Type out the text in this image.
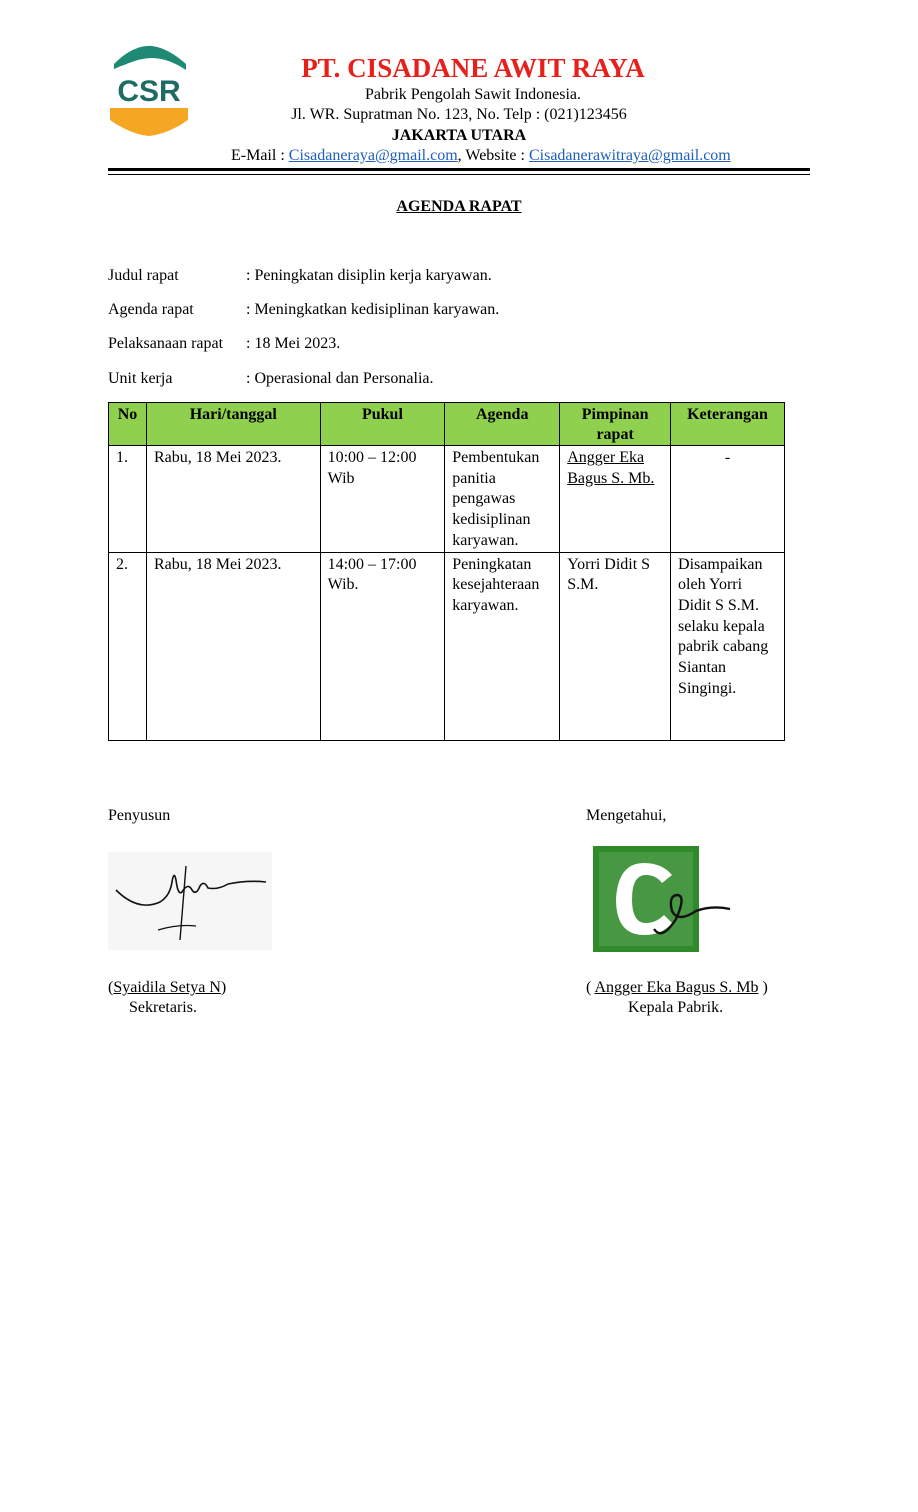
CSR
PT. CISADANE AWIT RAYA
Pabrik Pengolah Sawit Indonesia.
Jl. WR. Supratman No. 123, No. Telp : (021)123456
JAKARTA UTARA
E-Mail : Cisadaneraya@gmail.com, Website : Cisadanerawitraya@gmail.com
AGENDA RAPAT
Judul rapat	: Peningkatan disiplin kerja karyawan.
Agenda rapat	: Meningkatkan kedisiplinan karyawan.
Pelaksanaan rapat : 18 Mei 2023.
Unit kerja	: Operasional dan Personalia.
No	Hari/tanggal	Pukul	Agenda	Pimpinan rapat	Keterangan
1.	Rabu, 18 Mei 2023.	10:00 – 12:00 Wib	Pembentukan panitia pengawas kedisiplinan karyawan.	Angger Eka Bagus S. Mb.	-
2.	Rabu, 18 Mei 2023.	14:00 – 17:00 Wib.	Peningkatan kesejahteraan karyawan.	Yorri Didit S S.M.	Disampaikan oleh Yorri Didit S S.M. selaku kepala pabrik cabang Siantan Singingi.
Penyusun
(Syaidila Setya N)
Sekretaris.
Mengetahui,
( Angger Eka Bagus S. Mb )
Kepala Pabrik.
